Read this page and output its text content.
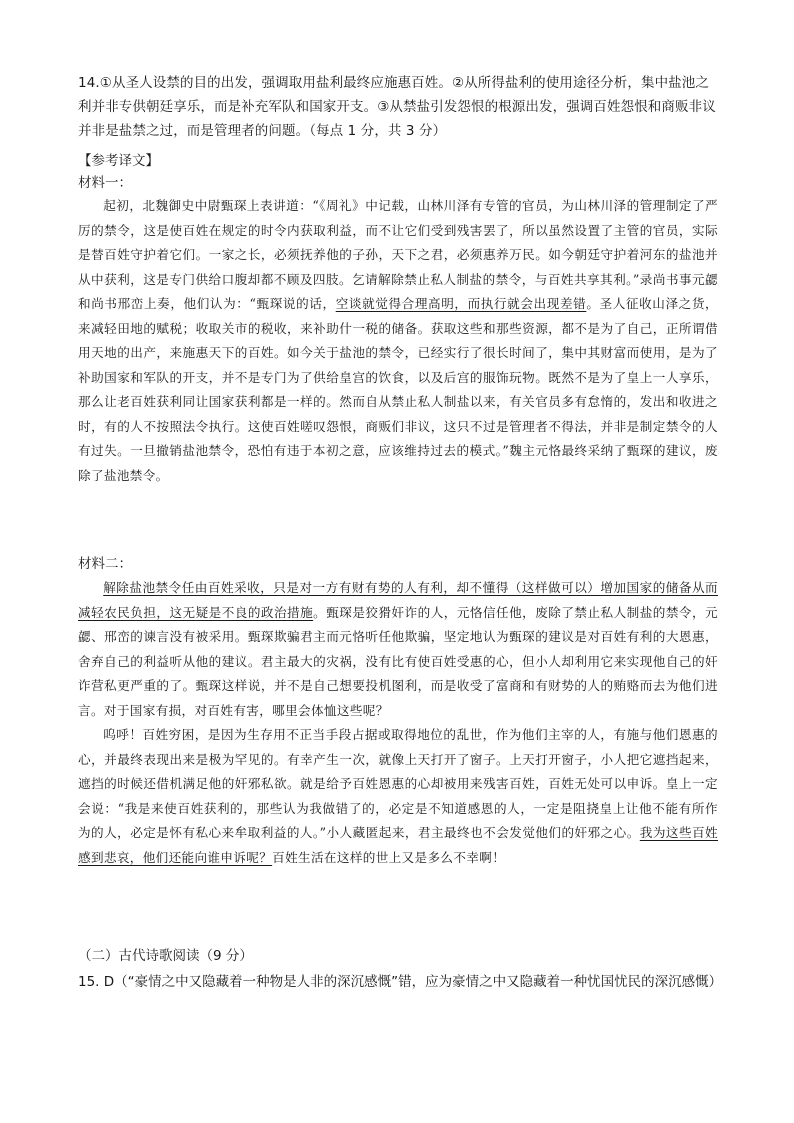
14.①从圣人设禁的目的出发，强调取用盐利最终应施惠百姓。②从所得盐利的使用途径分析，集中盐池之利并非专供朝廷享乐，而是补充军队和国家开支。③从禁盐引发怨恨的根源出发，强调百姓怨恨和商贩非议并非是盐禁之过，而是管理者的问题。（每点 1 分，共 3 分）
【参考译文】
材料一：

起初，北魏御史中尉甄琛上表讲道：“《周礼》中记载，山林川泽有专管的官员，为山林川泽的管理制定了严厉的禁令，这是使百姓在规定的时令内获取利益，而不让它们受到残害罢了，所以虽然设置了主管的官员，实际是替百姓守护着它们。一家之长，必须抚养他的子孙，天下之君，必须惠养万民。如今朝廷守护着河东的盐池并从中获利，这是专门供给口腹却都不顾及四肢。乞请解除禁止私人制盐的禁令，与百姓共享其利。”录尚书事元勰和尚书邢峦上奏，他们认为：“甄琛说的话，空谈就觉得合理高明，而执行就会出现差错。圣人征收山泽之货，来减轻田地的赋税；收取关市的税收，来补助什一税的储备。获取这些和那些资源，都不是为了自己，正所谓借用天地的出产，来施惠天下的百姓。如今关于盐池的禁令，已经实行了很长时间了，集中其财富而使用，是为了补助国家和军队的开支，并不是专门为了供给皇宫的饮食，以及后宫的服饰玩物。既然不是为了皇上一人享乐，那么让老百姓获利同让国家获利都是一样的。然而自从禁止私人制盐以来，有关官员多有怠惰的，发出和收进之时，有的人不按照法令执行。这使百姓嗟叹怨恨，商贩们非议，这只不过是管理者不得法，并非是制定禁令的人有过失。一旦撤销盐池禁令，恐怕有违于本初之意，应该维持过去的模式。”魏主元恪最终采纳了甄琛的建议，废除了盐池禁令。

材料二：

解除盐池禁令任由百姓采收，只是对一方有财有势的人有利，却不懂得（这样做可以）增加国家的储备从而减轻农民负担，这无疑是不良的政治措施。甄琛是狡猾奸诈的人，元恪信任他，废除了禁止私人制盐的禁令，元勰、邢峦的谏言没有被采用。甄琛欺骗君主而元恪听任他欺骗，坚定地认为甄琛的建议是对百姓有利的大恩惠，舍弃自己的利益听从他的建议。君主最大的灾祸，没有比有使百姓受惠的心，但小人却利用它来实现他自己的奸诈营私更严重的了。甄琛这样说，并不是自己想要投机图利，而是收受了富商和有财势的人的贿赂而去为他们进言。对于国家有损，对百姓有害，哪里会体恤这些呢？

呜呼！百姓穷困，是因为生存用不正当手段占据或取得地位的乱世，作为他们主宰的人，有施与他们恩惠的心，并最终表现出来是极为罕见的。有幸产生一次，就像上天打开了窗子。上天打开窗子，小人把它遮挡起来，遮挡的时候还借机满足他的奸邪私欲。就是给予百姓恩惠的心却被用来残害百姓，百姓无处可以申诉。皇上一定会说：“我是来使百姓获利的，那些认为我做错了的，必定是不知道感恩的人，一定是阻挠皇上让他不能有所作为的人，必定是怀有私心来牟取利益的人。”小人藏匿起来，君主最终也不会发觉他们的奸邪之心。我为这些百姓感到悲哀，他们还能向谁申诉呢？百姓生活在这样的世上又是多么不幸啊！

（二）古代诗歌阅读（9 分）
15. D（“豪情之中又隐藏着一种物是人非的深沉感慨”错，应为豪情之中又隐藏着一种忧国忧民的深沉感慨）
